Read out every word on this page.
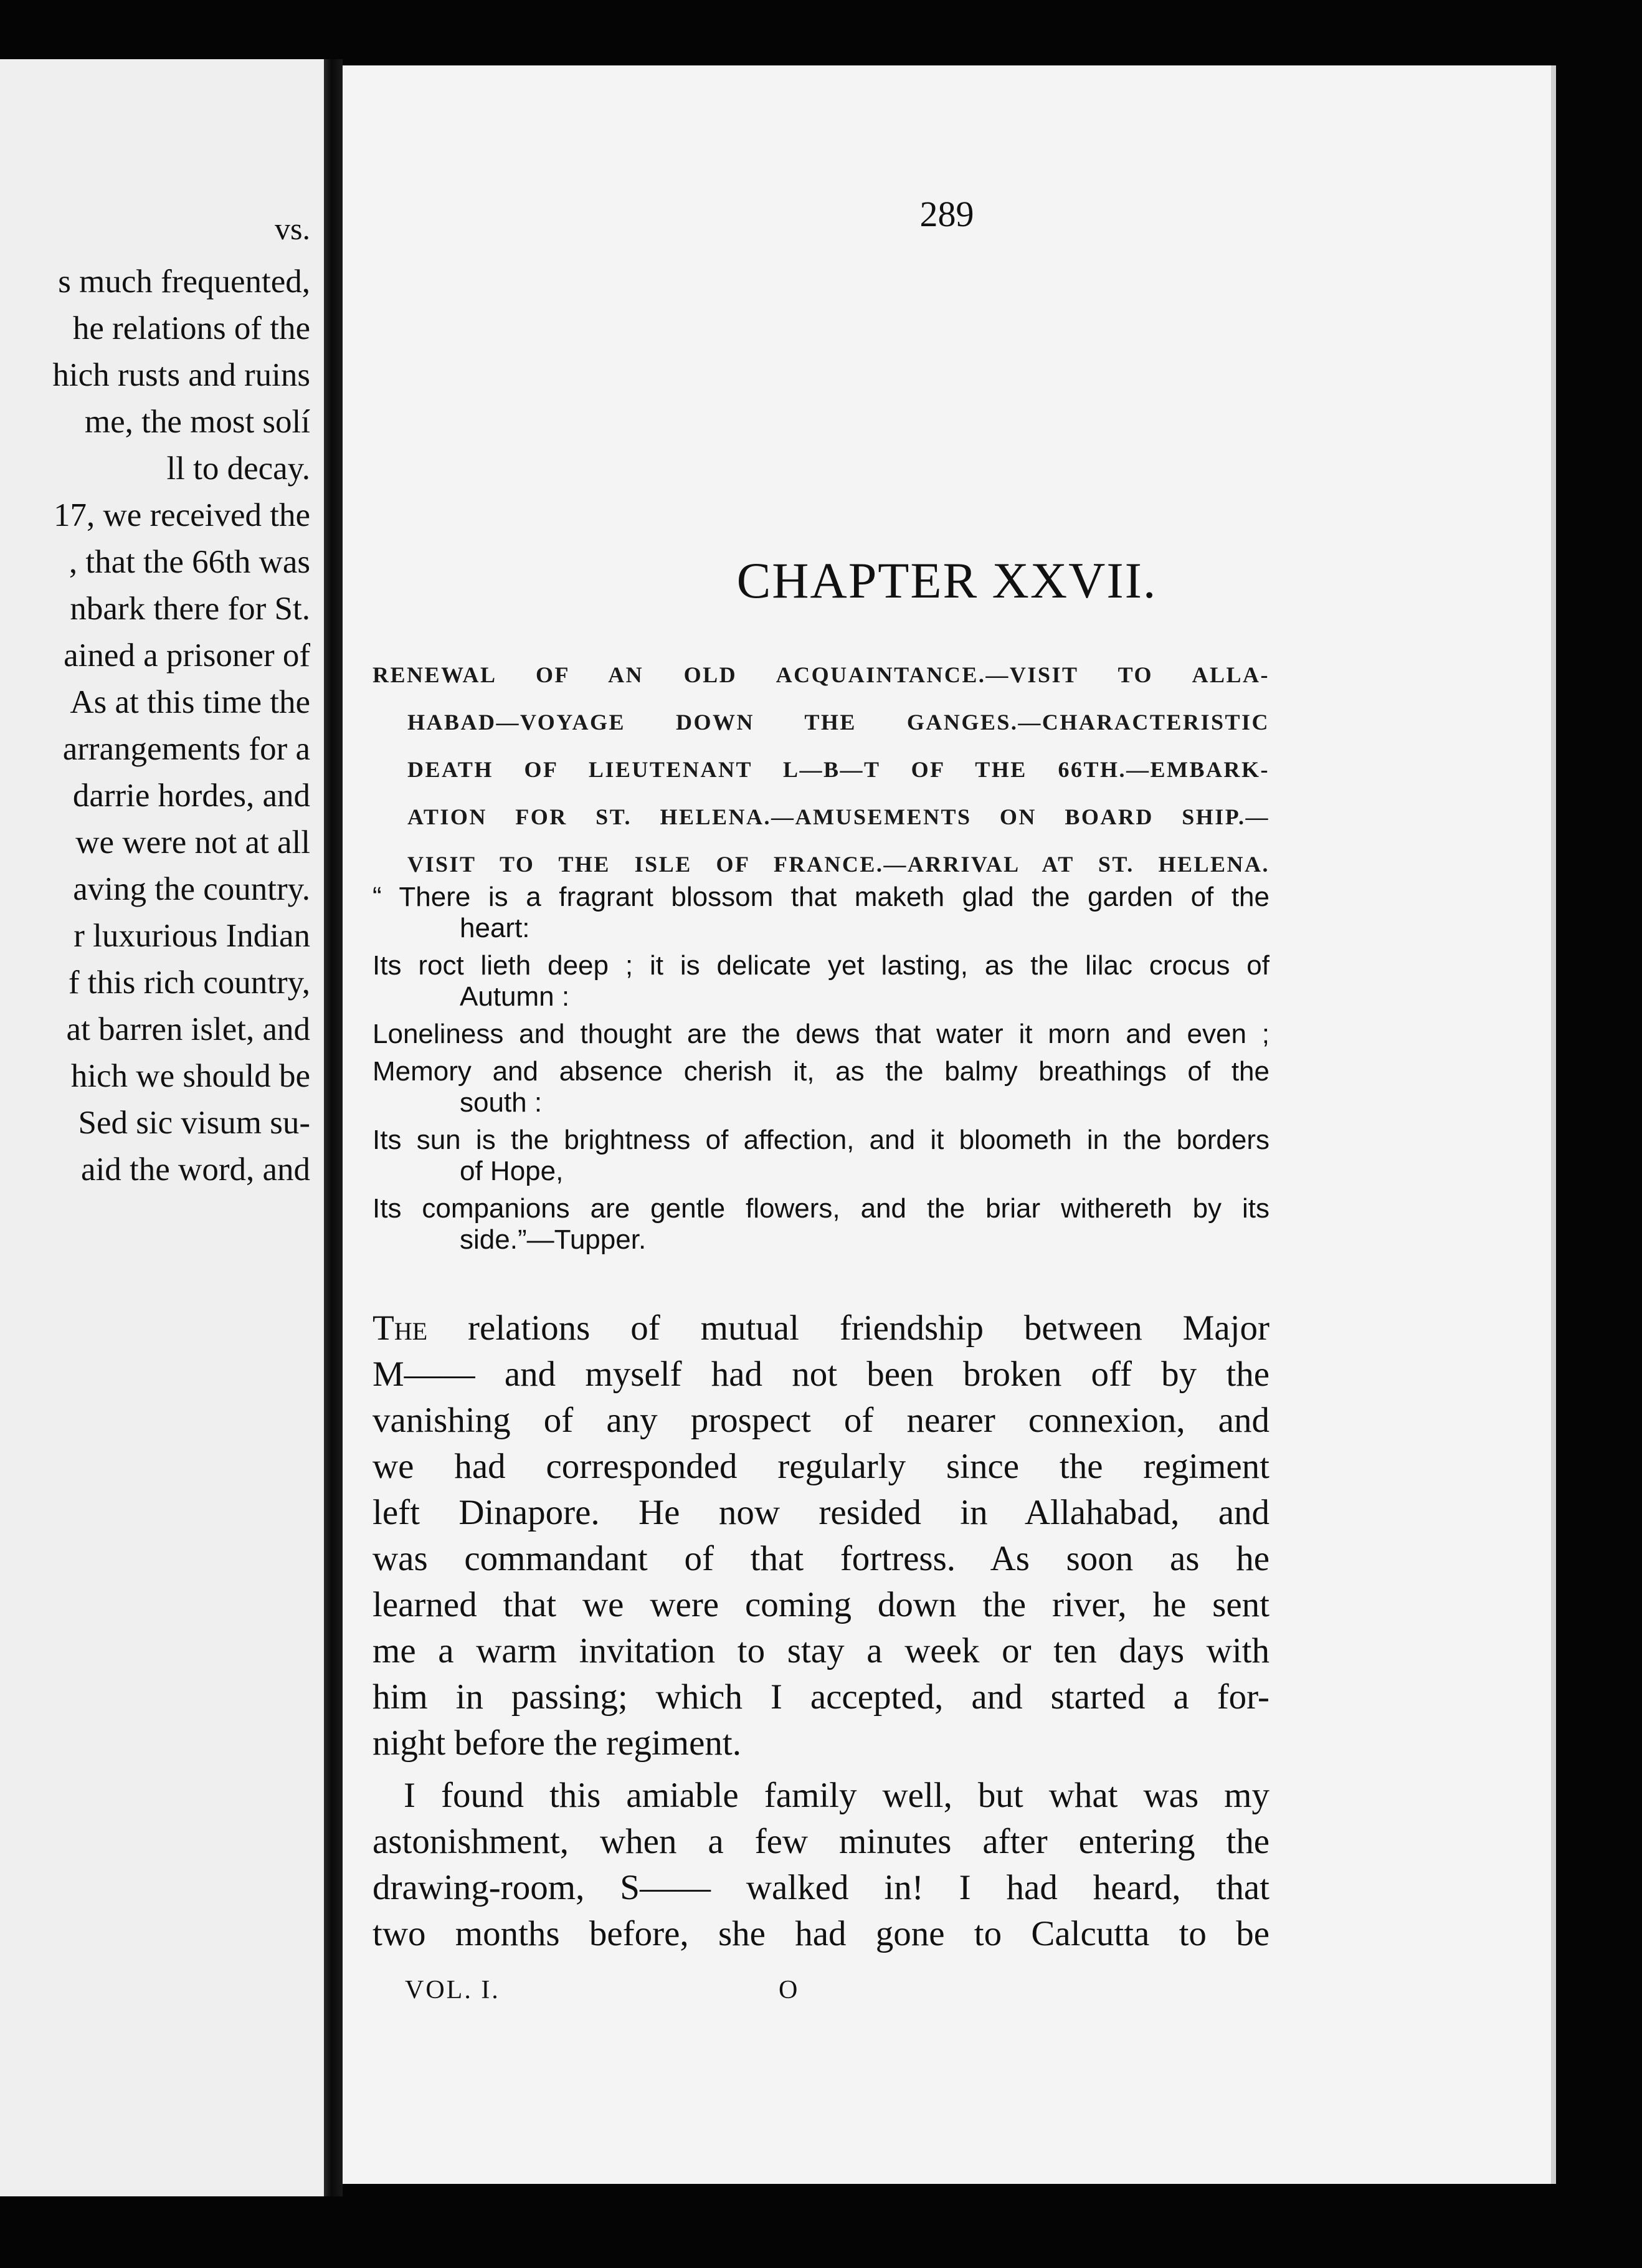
vs.
s much frequented,
he relations of the
hich rusts and ruins
me, the most solí
ll to decay.
17, we received the
, that the 66th was
nbark there for St.
ained a prisoner of
As at this time the
arrangements for a
darrie hordes, and
we were not at all
aving the country.
r luxurious Indian
f this rich country,
at barren islet, and
hich we should be
Sed sic visum su-
aid the word, and
289
CHAPTER XXVII.
RENEWAL OF AN OLD ACQUAINTANCE.—VISIT TO ALLA-
HABAD—VOYAGE DOWN THE GANGES.—CHARACTERISTIC
DEATH OF LIEUTENANT L—B—T OF THE 66TH.—EMBARK-
ATION FOR ST. HELENA.—AMUSEMENTS ON BOARD SHIP.—
VISIT TO THE ISLE OF FRANCE.—ARRIVAL AT ST. HELENA.
“ There is a fragrant blossom that maketh glad the garden of the
heart:
Its roct lieth deep ; it is delicate yet lasting, as the lilac crocus of
Autumn :
Loneliness and thought are the dews that water it morn and even ;
Memory and absence cherish it, as the balmy breathings of the
south :
Its sun is the brightness of affection, and it bloometh in the borders
of Hope,
Its companions are gentle flowers, and the briar withereth by its
side.”—Tupper.
The relations of mutual friendship between Major
M—— and myself had not been broken off by the
vanishing of any prospect of nearer connexion, and
we had corresponded regularly since the regiment
left Dinapore. He now resided in Allahabad, and
was commandant of that fortress. As soon as he
learned that we were coming down the river, he sent
me a warm invitation to stay a week or ten days with
him in passing; which I accepted, and started a for-
night before the regiment.
I found this amiable family well, but what was my
astonishment, when a few minutes after entering the
drawing-room, S—— walked in! I had heard, that
two months before, she had gone to Calcutta to be
VOL. I.	O
